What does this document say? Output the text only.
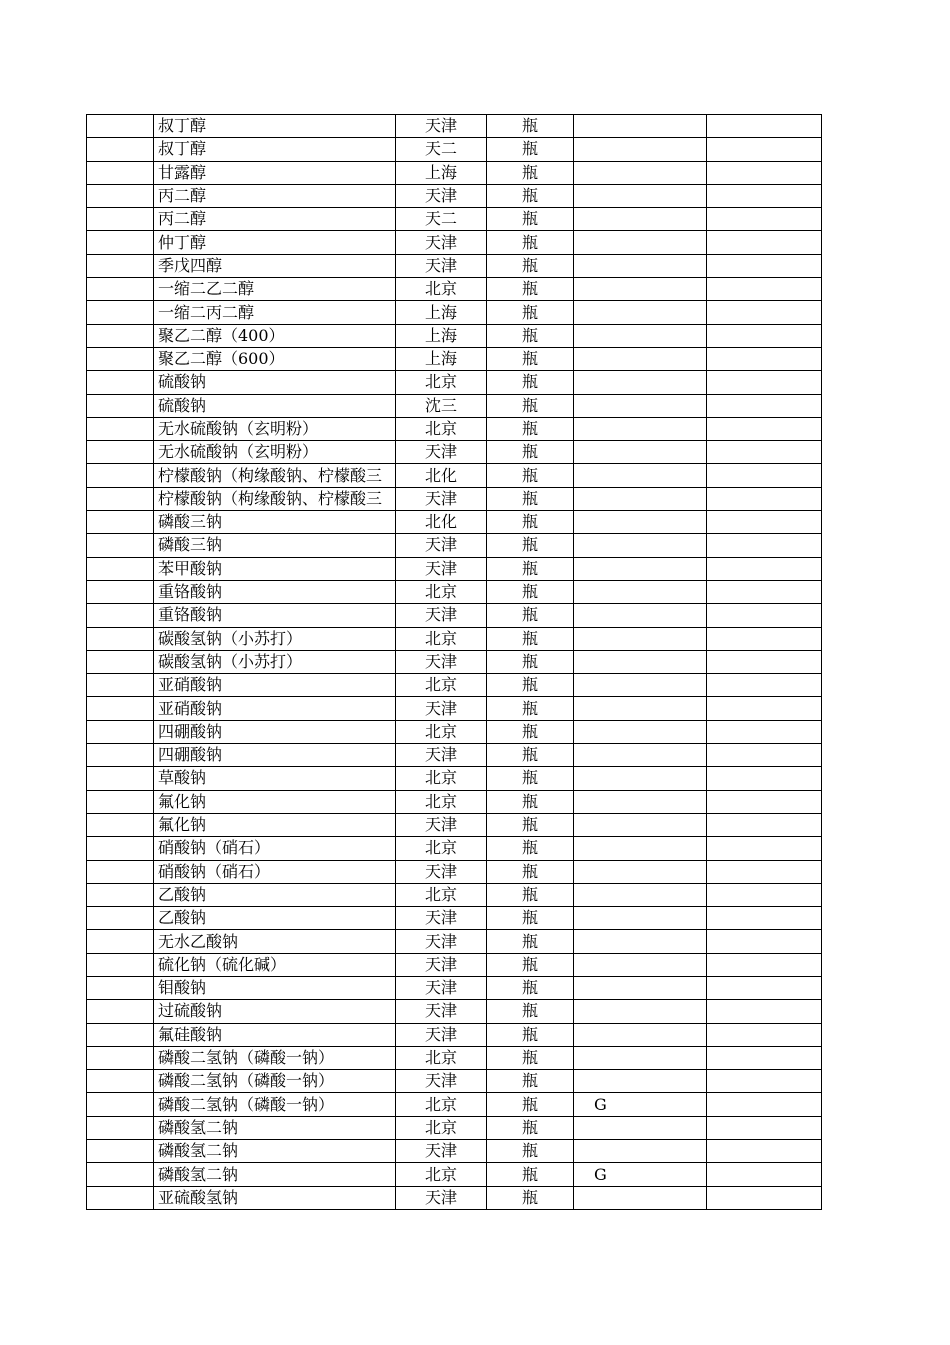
	叔丁醇	天津	瓶		
	叔丁醇	天二	瓶		
	甘露醇	上海	瓶		
	丙二醇	天津	瓶		
	丙二醇	天二	瓶		
	仲丁醇	天津	瓶		
	季戊四醇	天津	瓶		
	一缩二乙二醇	北京	瓶		
	一缩二丙二醇	上海	瓶		
	聚乙二醇（400）	上海	瓶		
	聚乙二醇（600）	上海	瓶		
	硫酸钠	北京	瓶		
	硫酸钠	沈三	瓶		
	无水硫酸钠（玄明粉）	北京	瓶		
	无水硫酸钠（玄明粉）	天津	瓶		
	柠檬酸钠（枸缘酸钠、柠檬酸三	北化	瓶		
	柠檬酸钠（枸缘酸钠、柠檬酸三	天津	瓶		
	磷酸三钠	北化	瓶		
	磷酸三钠	天津	瓶		
	苯甲酸钠	天津	瓶		
	重铬酸钠	北京	瓶		
	重铬酸钠	天津	瓶		
	碳酸氢钠（小苏打）	北京	瓶		
	碳酸氢钠（小苏打）	天津	瓶		
	亚硝酸钠	北京	瓶		
	亚硝酸钠	天津	瓶		
	四硼酸钠	北京	瓶		
	四硼酸钠	天津	瓶		
	草酸钠	北京	瓶		
	氟化钠	北京	瓶		
	氟化钠	天津	瓶		
	硝酸钠（硝石）	北京	瓶		
	硝酸钠（硝石）	天津	瓶		
	乙酸钠	北京	瓶		
	乙酸钠	天津	瓶		
	无水乙酸钠	天津	瓶		
	硫化钠（硫化碱）	天津	瓶		
	钼酸钠	天津	瓶		
	过硫酸钠	天津	瓶		
	氟硅酸钠	天津	瓶		
	磷酸二氢钠（磷酸一钠）	北京	瓶		
	磷酸二氢钠（磷酸一钠）	天津	瓶		
	磷酸二氢钠（磷酸一钠）	北京	瓶	G	
	磷酸氢二钠	北京	瓶		
	磷酸氢二钠	天津	瓶		
	磷酸氢二钠	北京	瓶	G	
	亚硫酸氢钠	天津	瓶		
